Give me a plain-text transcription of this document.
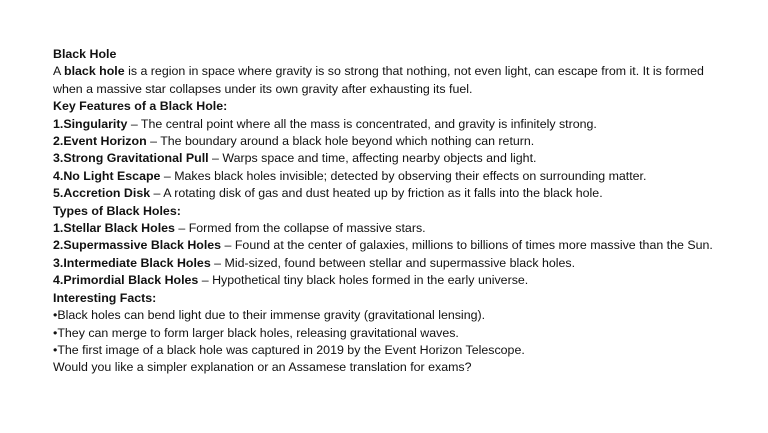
Black Hole

A black hole is a region in space where gravity is so strong that nothing, not even light, can escape from it. It is formed when a massive star collapses under its own gravity after exhausting its fuel.

Key Features of a Black Hole:

1.Singularity – The central point where all the mass is concentrated, and gravity is infinitely strong.

2.Event Horizon – The boundary around a black hole beyond which nothing can return.

3.Strong Gravitational Pull – Warps space and time, affecting nearby objects and light.

4.No Light Escape – Makes black holes invisible; detected by observing their effects on surrounding matter.

5.Accretion Disk – A rotating disk of gas and dust heated up by friction as it falls into the black hole.

Types of Black Holes:

1.Stellar Black Holes – Formed from the collapse of massive stars.

2.Supermassive Black Holes – Found at the center of galaxies, millions to billions of times more massive than the Sun.

3.Intermediate Black Holes – Mid-sized, found between stellar and supermassive black holes.

4.Primordial Black Holes – Hypothetical tiny black holes formed in the early universe.

Interesting Facts:

•Black holes can bend light due to their immense gravity (gravitational lensing).

•They can merge to form larger black holes, releasing gravitational waves.

•The first image of a black hole was captured in 2019 by the Event Horizon Telescope.

Would you like a simpler explanation or an Assamese translation for exams?
